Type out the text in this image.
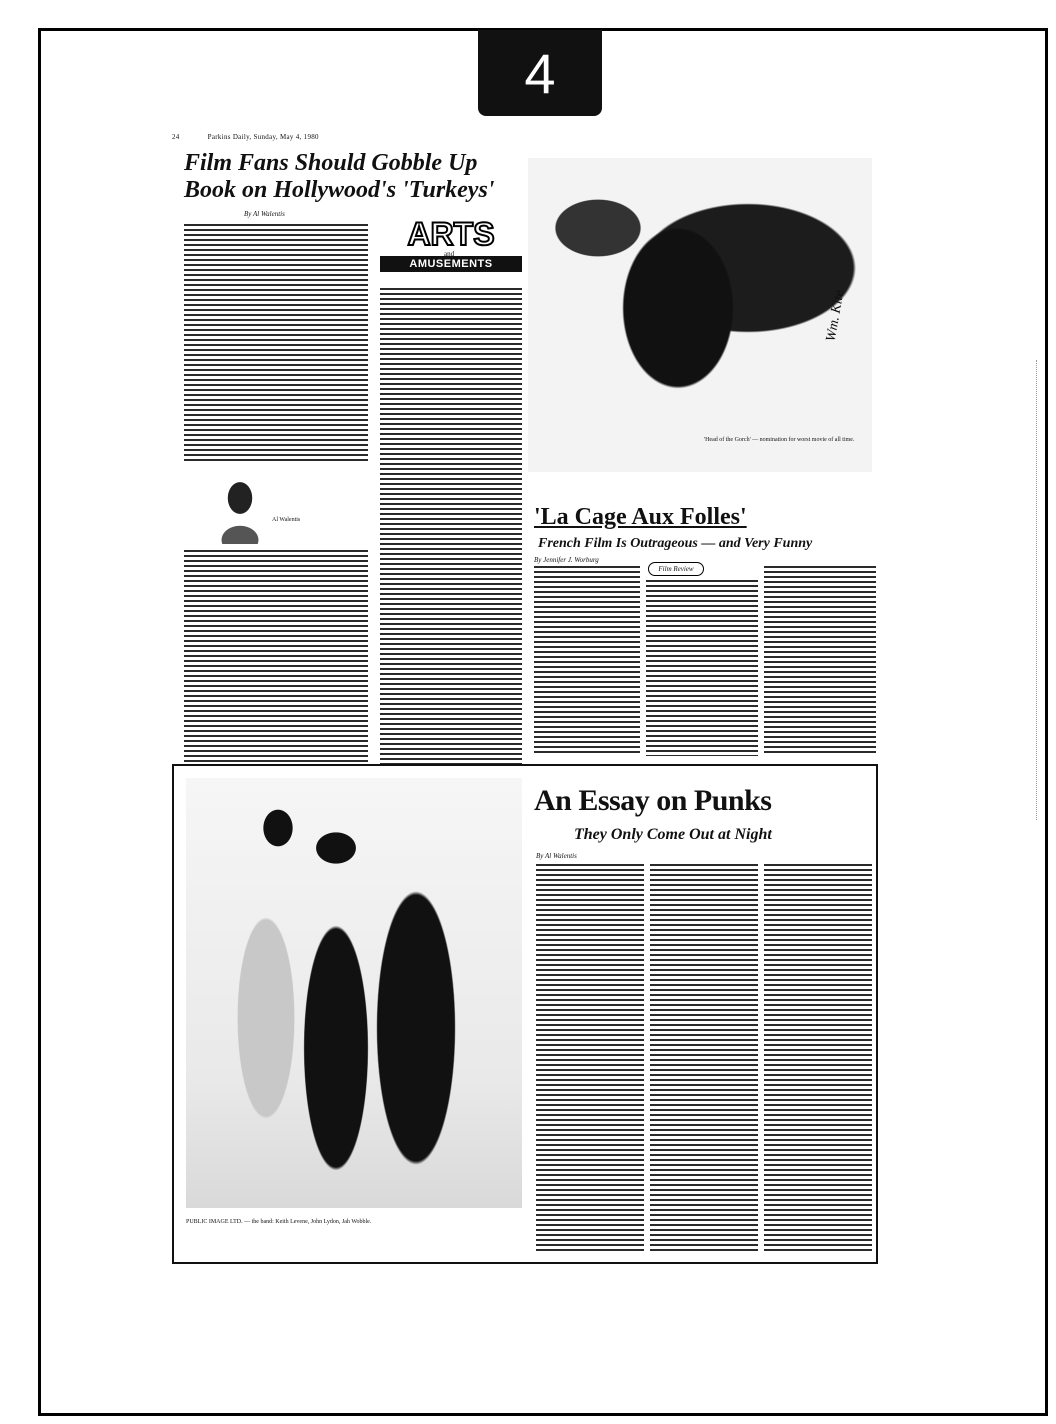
4
24	Parkins Daily, Sunday, May 4, 1980
Film Fans Should Gobble Up Book on Hollywood's 'Turkeys'
By Al Walentis
ARTS
and
AMUSEMENTS
Al Walentis
Wm. Kite
'Head of the Gorch' — nomination for worst movie of all time.
'La Cage Aux Folles'
French Film Is Outrageous — and Very Funny
By Jennifer J. Worburg
Film Review
PUBLIC IMAGE LTD. — the band: Keith Levene, John Lydon, Jah Wobble.
An Essay on Punks
They Only Come Out at Night
By Al Walentis
